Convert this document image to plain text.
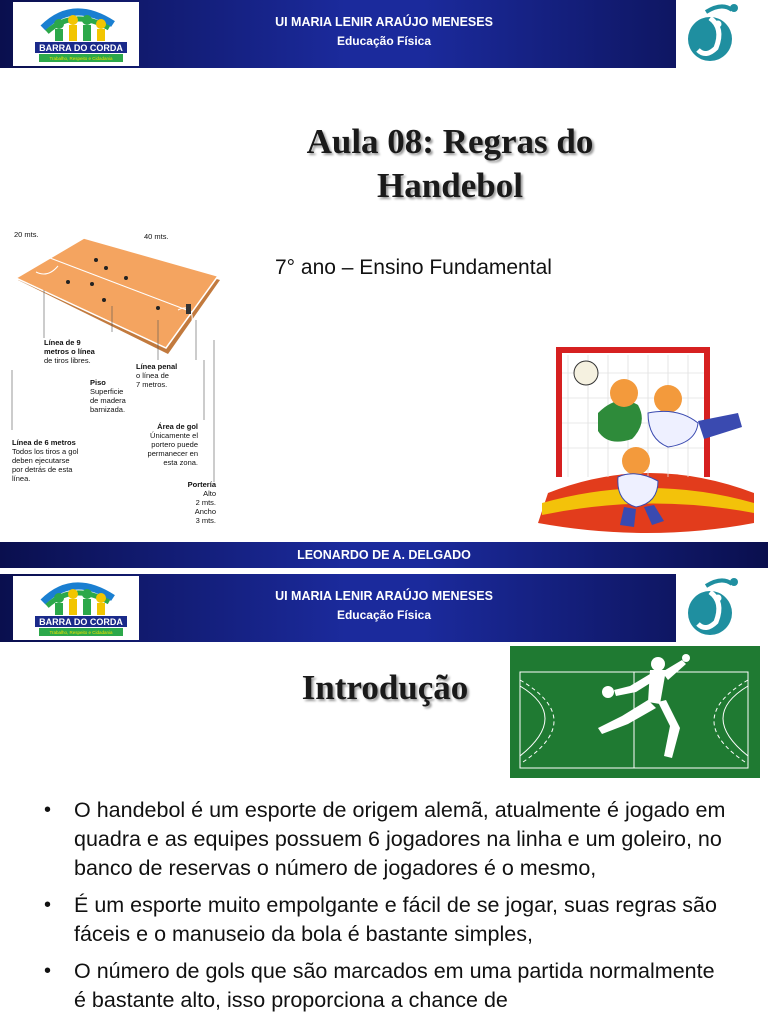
UI MARIA LENIR ARAÚJO MENESES
Educação Física
BARRA DO CORDA
Trabalho, Respeito e Cidadania
Aula 08: Regras do
Handebol
7° ano – Ensino Fundamental
20 mts.	40 mts.
Línea de 9
metros o línea
de tiros libres.
Línea penal
o línea de
7 metros.
Piso
Superficie
de madera
barnizada.
Área de gol
Únicamente el
portero puede
permanecer en
esta zona.
Línea de 6 metros
Todos los tiros a gol
deben ejecutarse
por detrás de esta
línea.
Portería
Alto
2 mts.
Ancho
3 mts.
LEONARDO DE A. DELGADO
UI MARIA LENIR ARAÚJO MENESES
Educação Física
BARRA DO CORDA
Trabalho, Respeito e Cidadania
Introdução
• O handebol é um esporte de origem alemã, atualmente é jogado em quadra e as equipes possuem 6 jogadores na linha e um goleiro, no banco de reservas o número de jogadores é o mesmo,
• É um esporte muito empolgante e fácil de se jogar, suas regras são fáceis e o manuseio da bola é bastante simples,
• O número de gols que são marcados em uma partida normalmente é bastante alto, isso proporciona a chance de
